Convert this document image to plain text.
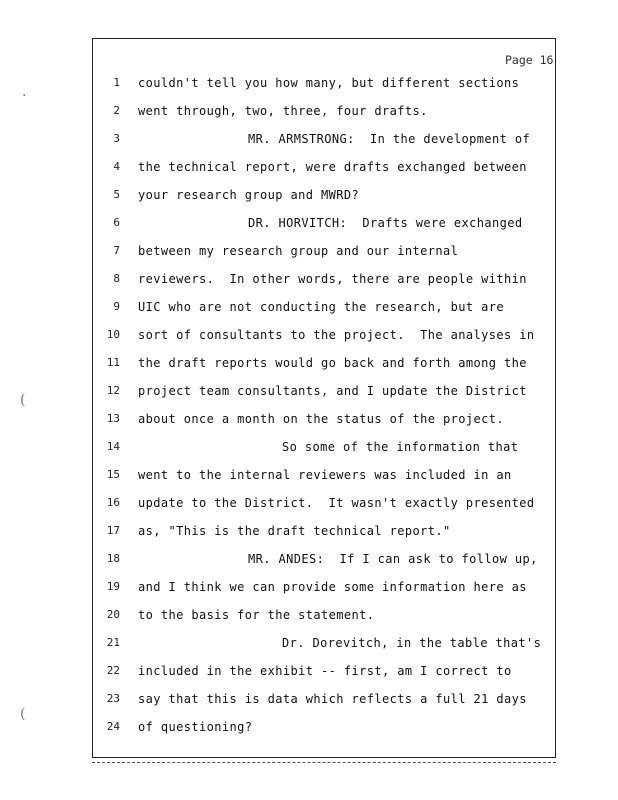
Page 16
·
(
(
1 couldn't tell you how many, but different sections
2 went through, two, three, four drafts.
3	MR. ARMSTRONG:  In the development of
4 the technical report, were drafts exchanged between
5 your research group and MWRD?
6	DR. HORVITCH:  Drafts were exchanged
7 between my research group and our internal
8 reviewers.  In other words, there are people within
9 UIC who are not conducting the research, but are
10 sort of consultants to the project.  The analyses in
11 the draft reports would go back and forth among the
12 project team consultants, and I update the District
13 about once a month on the status of the project.
14	So some of the information that
15 went to the internal reviewers was included in an
16 update to the District.  It wasn't exactly presented
17 as, "This is the draft technical report."
18	MR. ANDES:  If I can ask to follow up,
19 and I think we can provide some information here as
20 to the basis for the statement.
21	Dr. Dorevitch, in the table that's
22 included in the exhibit -- first, am I correct to
23 say that this is data which reflects a full 21 days
24 of questioning?
